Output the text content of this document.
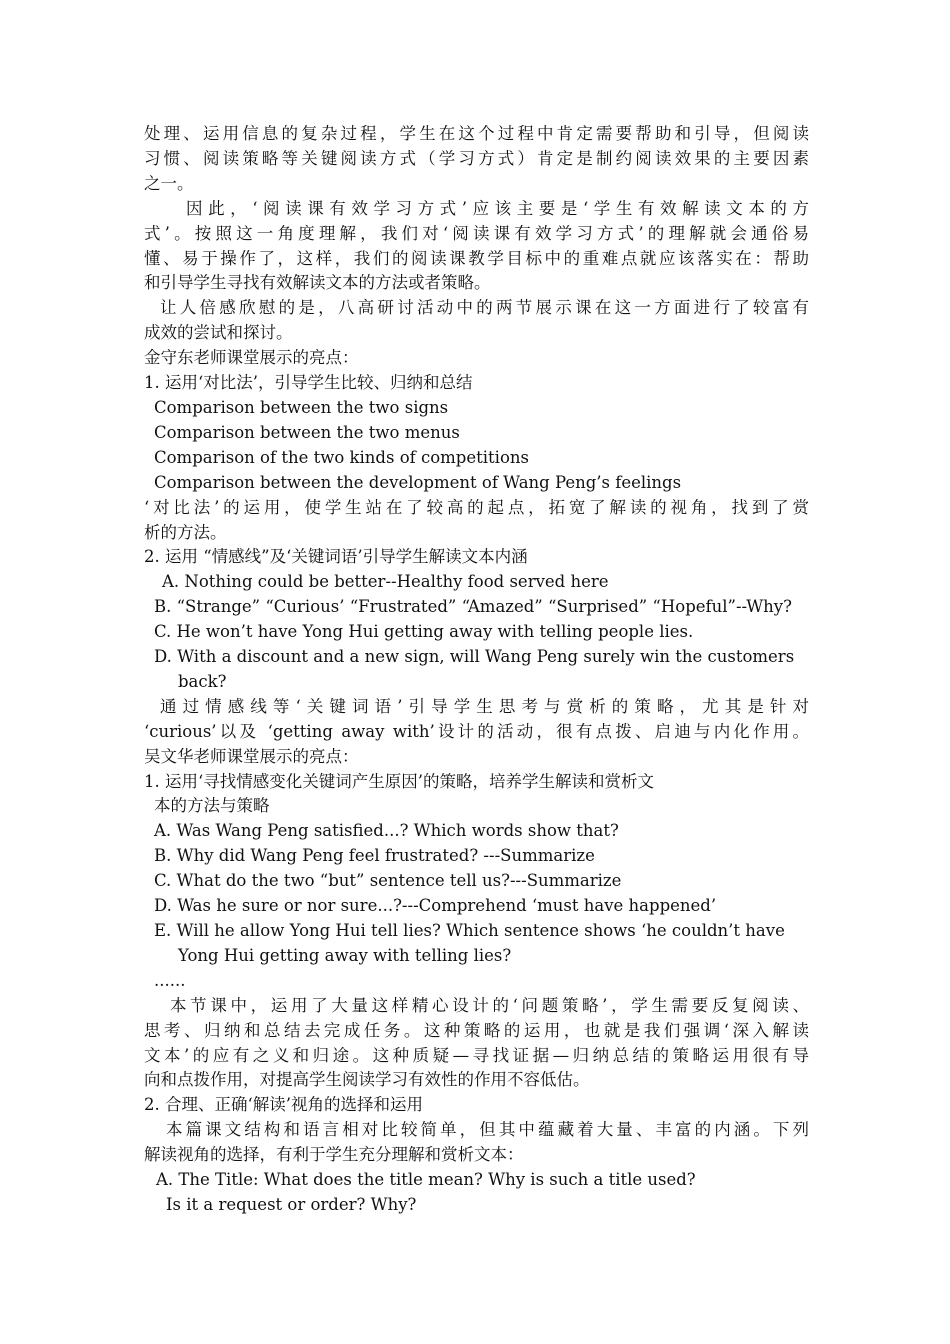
处理、运用信息的复杂过程，学生在这个过程中肯定需要帮助和引导，但阅读

习惯、阅读策略等关键阅读方式（学习方式）肯定是制约阅读效果的主要因素

之一。

因此，‘阅读课有效学习方式’应该主要是‘学生有效解读文本的方

式’。按照这一角度理解，我们对‘阅读课有效学习方式’的理解就会通俗易

懂、易于操作了，这样，我们的阅读课教学目标中的重难点就应该落实在：帮助

和引导学生寻找有效解读文本的方法或者策略。

让人倍感欣慰的是，八高研讨活动中的两节展示课在这一方面进行了较富有

成效的尝试和探讨。

金守东老师课堂展示的亮点：

1. 运用‘对比法’，引导学生比较、归纳和总结

Comparison between the two signs

Comparison between the two menus

Comparison of the two kinds of competitions

Comparison between the development of Wang Peng’s feelings

‘对比法’的运用，使学生站在了较高的起点，拓宽了解读的视角，找到了赏

析的方法。

2. 运用 “情感线”及‘关键词语’引导学生解读文本内涵

A. Nothing could be better--Healthy food served here

B. “Strange” “Curious’ “Frustrated” “Amazed” “Surprised” “Hopeful”--Why?

C. He won’t have Yong Hui getting away with telling people lies.

D. With a discount and a new sign, will Wang Peng surely win the customers

back?

通过情感线等‘关键词语’引导学生思考与赏析的策略，尤其是针对

‘curious’以及 ‘getting away with’设计的活动，很有点拨、启迪与内化作用。

吴文华老师课堂展示的亮点：

1. 运用‘寻找情感变化关键词产生原因’的策略，培养学生解读和赏析文

本的方法与策略

A. Was Wang Peng satisfied...? Which words show that?

B. Why did Wang Peng feel frustrated? ---Summarize

C. What do the two “but” sentence tell us?---Summarize

D. Was he sure or nor sure...?---Comprehend ‘must have happened’

E. Will he allow Yong Hui tell lies? Which sentence shows ‘he couldn’t have

Yong Hui getting away with telling lies?

......

本节课中，运用了大量这样精心设计的‘问题策略’，学生需要反复阅读、

思考、归纳和总结去完成任务。这种策略的运用，也就是我们强调‘深入解读

文本’的应有之义和归途。这种质疑—寻找证据—归纳总结的策略运用很有导

向和点拨作用，对提高学生阅读学习有效性的作用不容低估。

2. 合理、正确‘解读’视角的选择和运用

本篇课文结构和语言相对比较简单，但其中蕴藏着大量、丰富的内涵。下列

解读视角的选择，有利于学生充分理解和赏析文本：

A. The Title: What does the title mean? Why is such a title used?

Is it a request or order? Why?
